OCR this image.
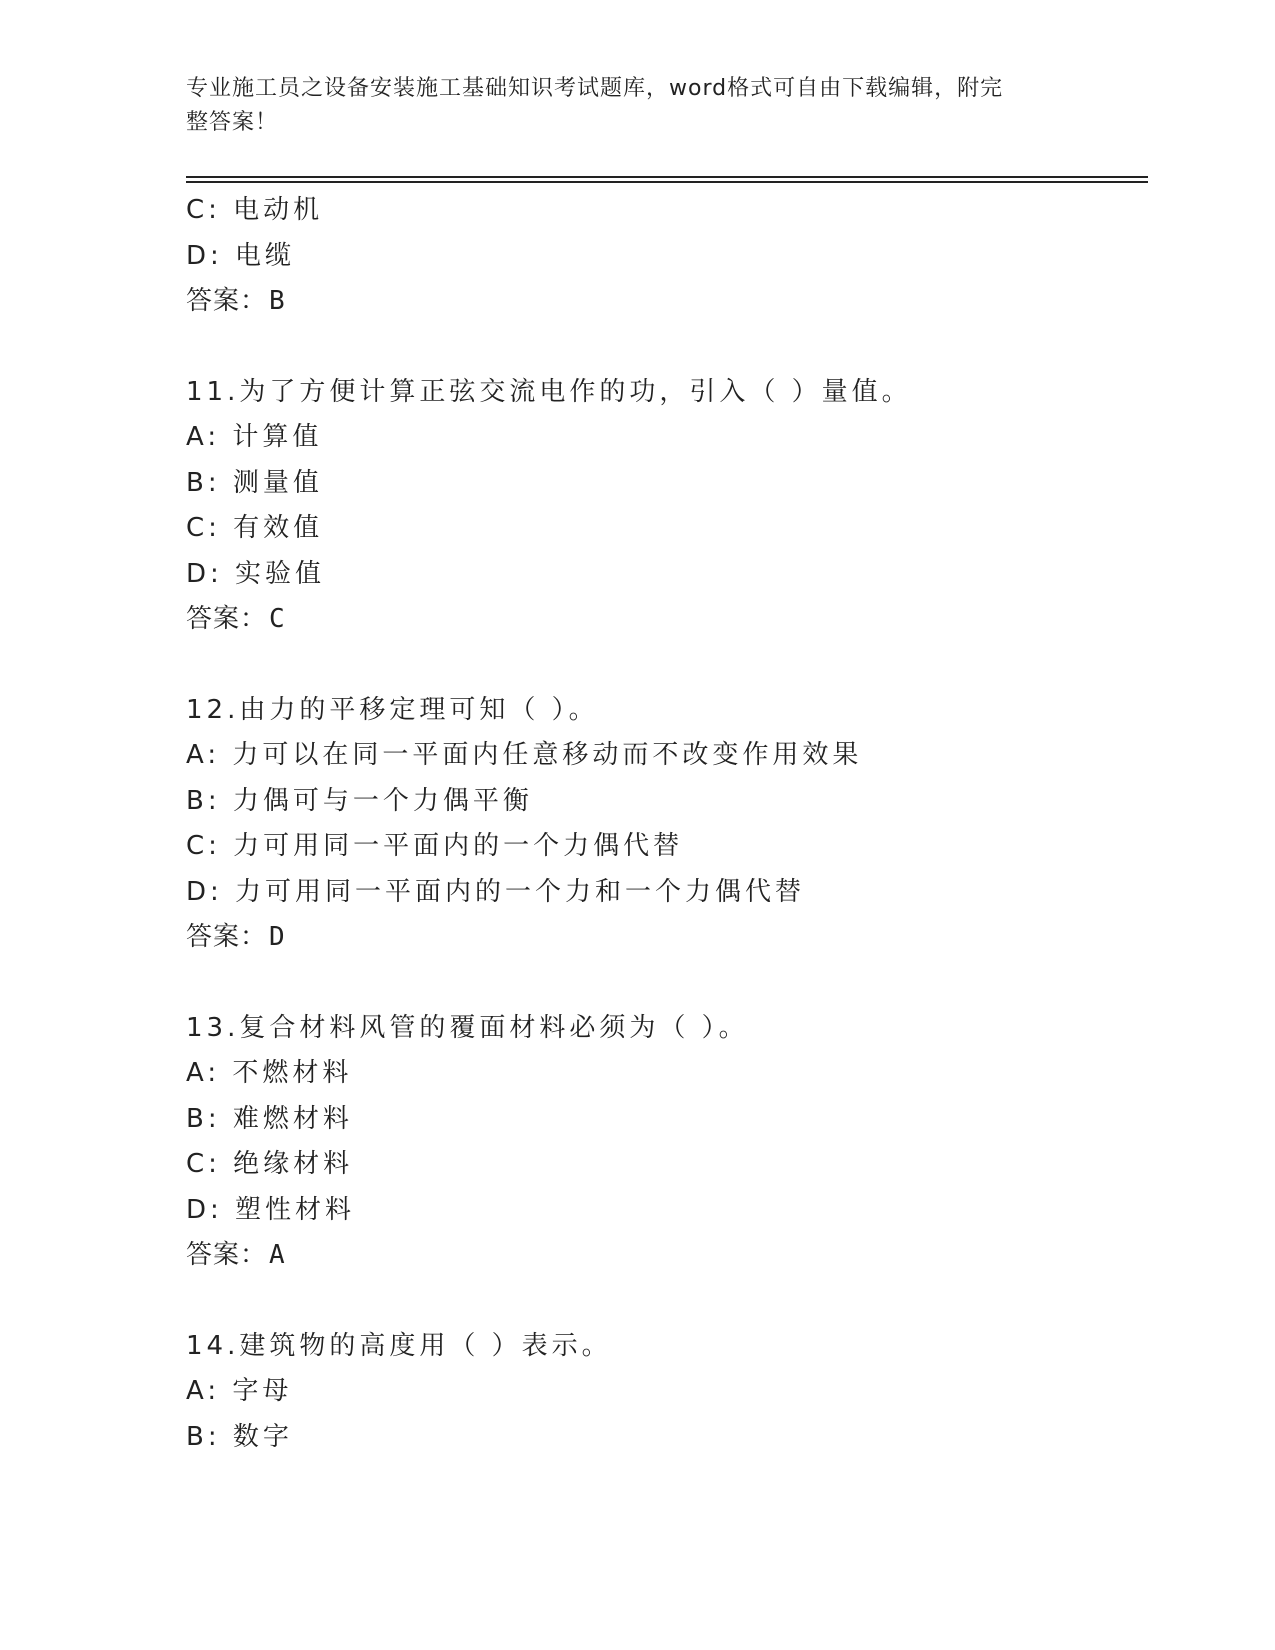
专业施工员之设备安装施工基础知识考试题库，word格式可自由下载编辑，附完
整答案！
C: 电动机
D: 电缆
答案：B
11.为了方便计算正弦交流电作的功，引入（ ）量值。
A: 计算值
B: 测量值
C: 有效值
D: 实验值
答案：C
12.由力的平移定理可知（ ）。
A: 力可以在同一平面内任意移动而不改变作用效果
B: 力偶可与一个力偶平衡
C: 力可用同一平面内的一个力偶代替
D: 力可用同一平面内的一个力和一个力偶代替
答案：D
13.复合材料风管的覆面材料必须为（ ）。
A: 不燃材料
B: 难燃材料
C: 绝缘材料
D: 塑性材料
答案：A
14.建筑物的高度用（ ）表示。
A: 字母
B: 数字
